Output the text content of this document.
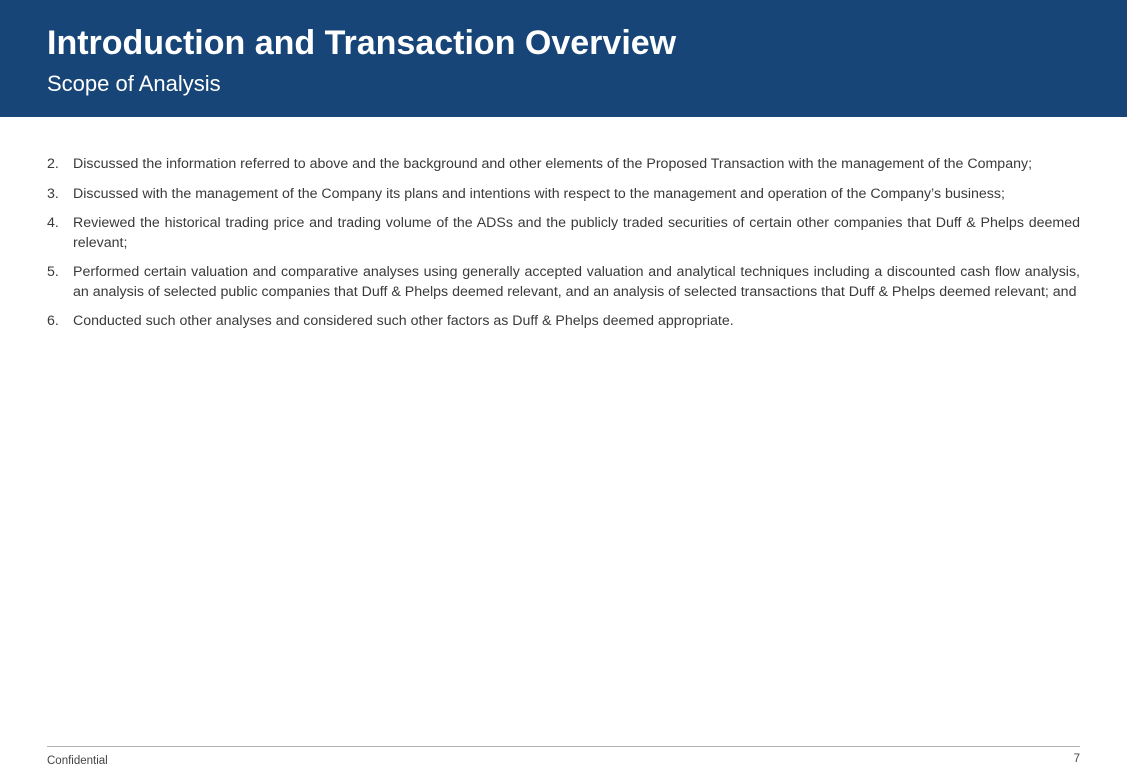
Introduction and Transaction Overview
Scope of Analysis
2. Discussed the information referred to above and the background and other elements of the Proposed Transaction with the management of the Company;
3. Discussed with the management of the Company its plans and intentions with respect to the management and operation of the Company’s business;
4. Reviewed the historical trading price and trading volume of the ADSs and the publicly traded securities of certain other companies that Duff & Phelps deemed relevant;
5. Performed certain valuation and comparative analyses using generally accepted valuation and analytical techniques including a discounted cash flow analysis, an analysis of selected public companies that Duff & Phelps deemed relevant, and an analysis of selected transactions that Duff & Phelps deemed relevant; and
6. Conducted such other analyses and considered such other factors as Duff & Phelps deemed appropriate.
Confidential	7
